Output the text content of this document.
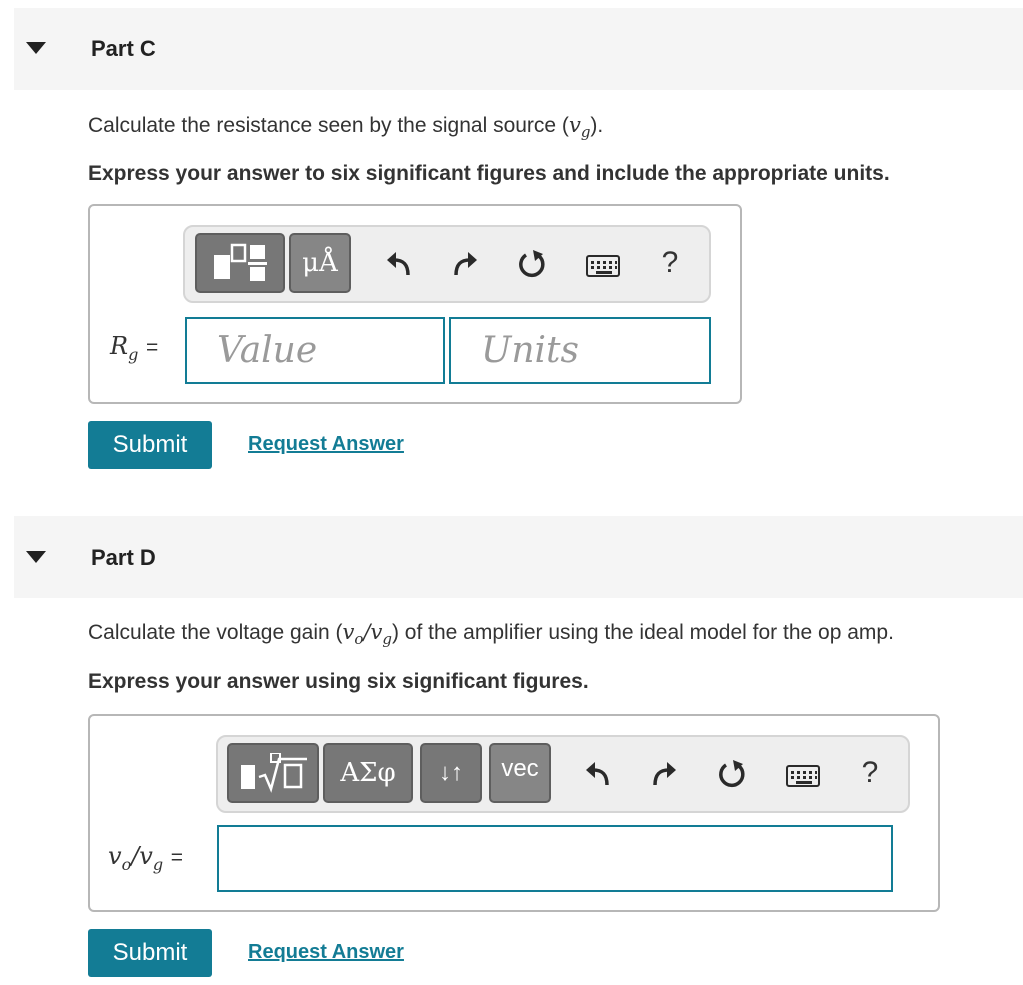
Part C
Calculate the resistance seen by the signal source $(v_g)$.
Express your answer to six significant figures and include the appropriate units.
μÅ	?
$R_g$ =
Value
Units
Submit	Request Answer
Part D
Calculate the voltage gain $(v_o/v_g)$ of the amplifier using the ideal model for the op amp.
Express your answer using six significant figures.
ΑΣφ	↓↑	vec	?
$v_o/v_g$ =
Submit	Request Answer
